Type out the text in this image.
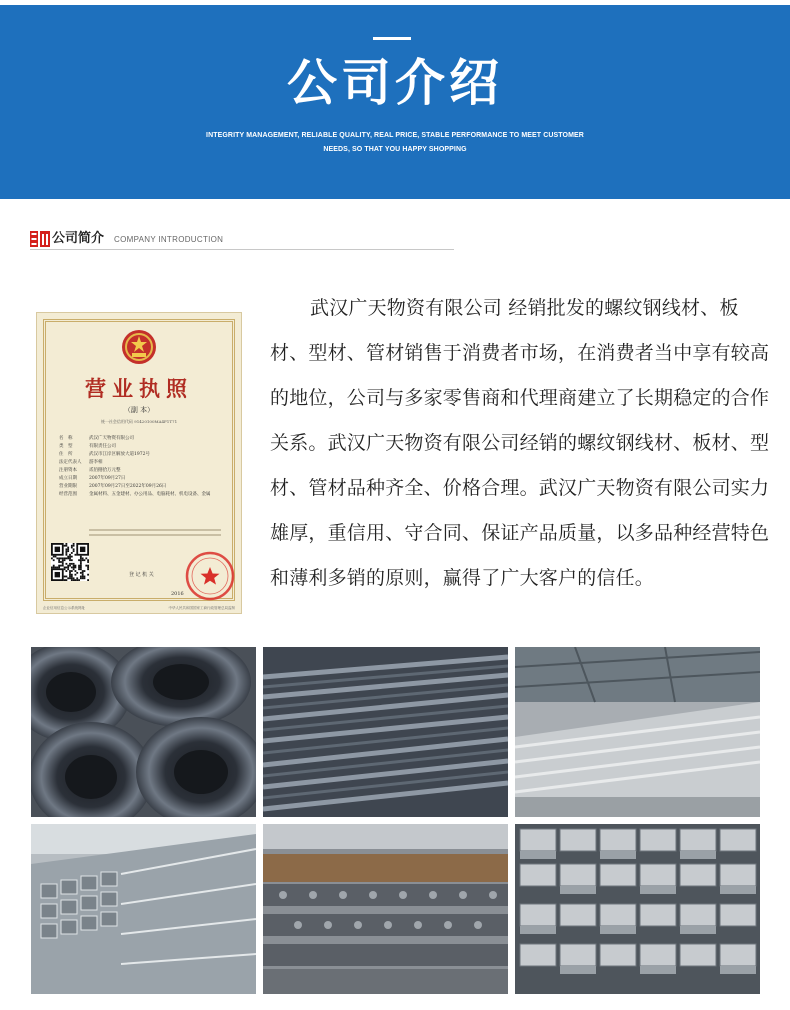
公司介绍
INTEGRITY MANAGEMENT, RELIABLE QUALITY, REAL PRICE, STABLE PERFORMANCE TO MEET CUSTOMER NEEDS, SO THAT YOU HAPPY SHOPPING
公司简介 COMPANY INTRODUCTION
营业执照
（副 本）
统一社会信用代码 91420100MA4F1T71
名　称	武汉广天物资有限公司
类　型	有限责任公司
住　所	武汉市江岸区解放大道1972号
法定代表人	游李相
注册资本	贰佰捌拾万元整
成立日期	2007年09月27日
营业期限	2007年09月27日至2022年09月26日
经营范围	金属材料、五金建材、办公用品、电脑耗材、机电设备、金属
登 记 机 关
2016
企业信用信息公示系统网址	中华人民共和国国家工商行政管理总局监制

武汉广天物资有限公司 经销批发的螺纹钢线材、板材、型材、管材销售于消费者市场，在消费者当中享有较高的地位，公司与多家零售商和代理商建立了长期稳定的合作关系。武汉广天物资有限公司经销的螺纹钢线材、板材、型材、管材品种齐全、价格合理。武汉广天物资有限公司实力雄厚，重信用、守合同、保证产品质量，以多品种经营特色和薄利多销的原则，赢得了广大客户的信任。
